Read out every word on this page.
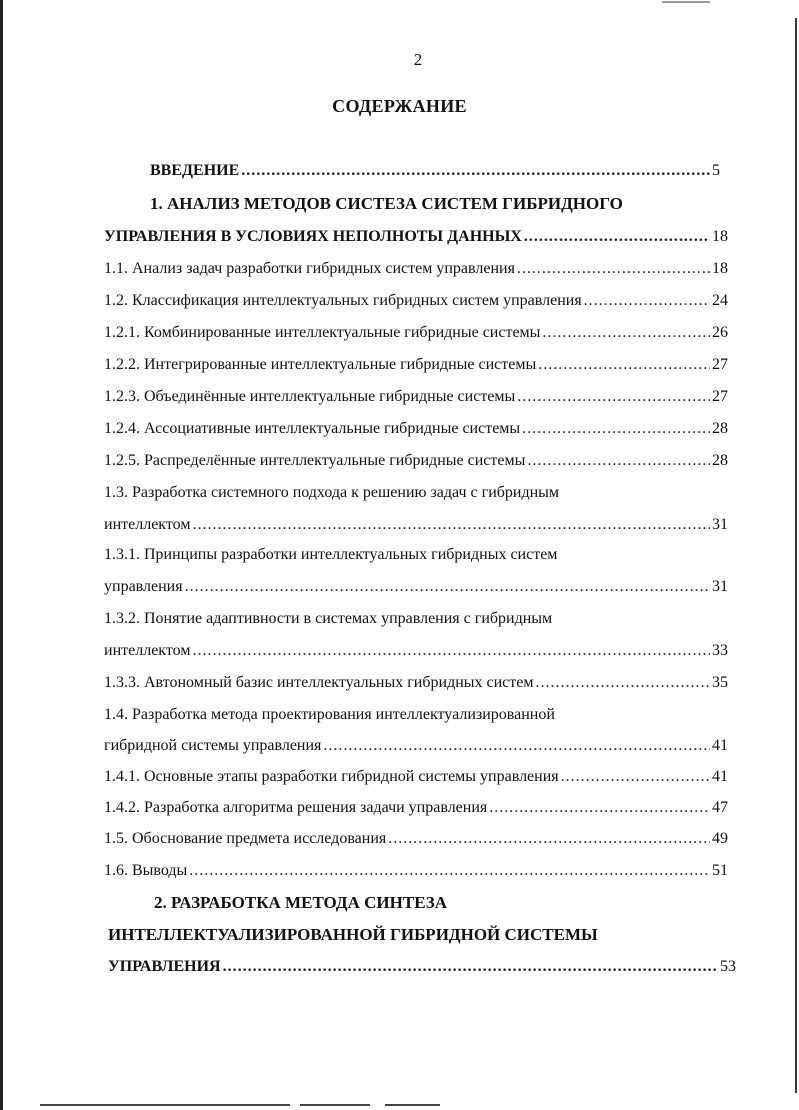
2
СОДЕРЖАНИЕ
ВВЕДЕНИЕ .....	5
1. АНАЛИЗ МЕТОДОВ СИСТЕЗА СИСТЕМ ГИБРИДНОГО
УПРАВЛЕНИЯ В УСЛОВИЯХ НЕПОЛНОТЫ ДАННЫХ .....	18
1.1. Анализ задач разработки гибридных систем управления .....	18
1.2. Классификация интеллектуальных гибридных систем управления .....	24
1.2.1. Комбинированные интеллектуальные гибридные системы .....	26
1.2.2. Интегрированные интеллектуальные гибридные системы .....	27
1.2.3. Объединённые интеллектуальные гибридные системы .....	27
1.2.4. Ассоциативные интеллектуальные гибридные системы .....	28
1.2.5. Распределённые интеллектуальные гибридные системы .....	28
1.3. Разработка системного подхода к решению задач с гибридным
интеллектом .....	31
1.3.1. Принципы разработки интеллектуальных гибридных систем
управления .....	31
1.3.2. Понятие адаптивности в системах управления с гибридным
интеллектом .....	33
1.3.3. Автономный базис интеллектуальных гибридных систем .....	35
1.4. Разработка метода проектирования интеллектуализированной
гибридной системы управления .....	41
1.4.1. Основные этапы разработки гибридной системы управления .....	41
1.4.2. Разработка алгоритма решения задачи управления .....	47
1.5. Обоснование предмета исследования .....	49
1.6. Выводы .....	51
2. РАЗРАБОТКА МЕТОДА СИНТЕЗА
ИНТЕЛЛЕКТУАЛИЗИРОВАННОЙ ГИБРИДНОЙ СИСТЕМЫ
УПРАВЛЕНИЯ .....	53
